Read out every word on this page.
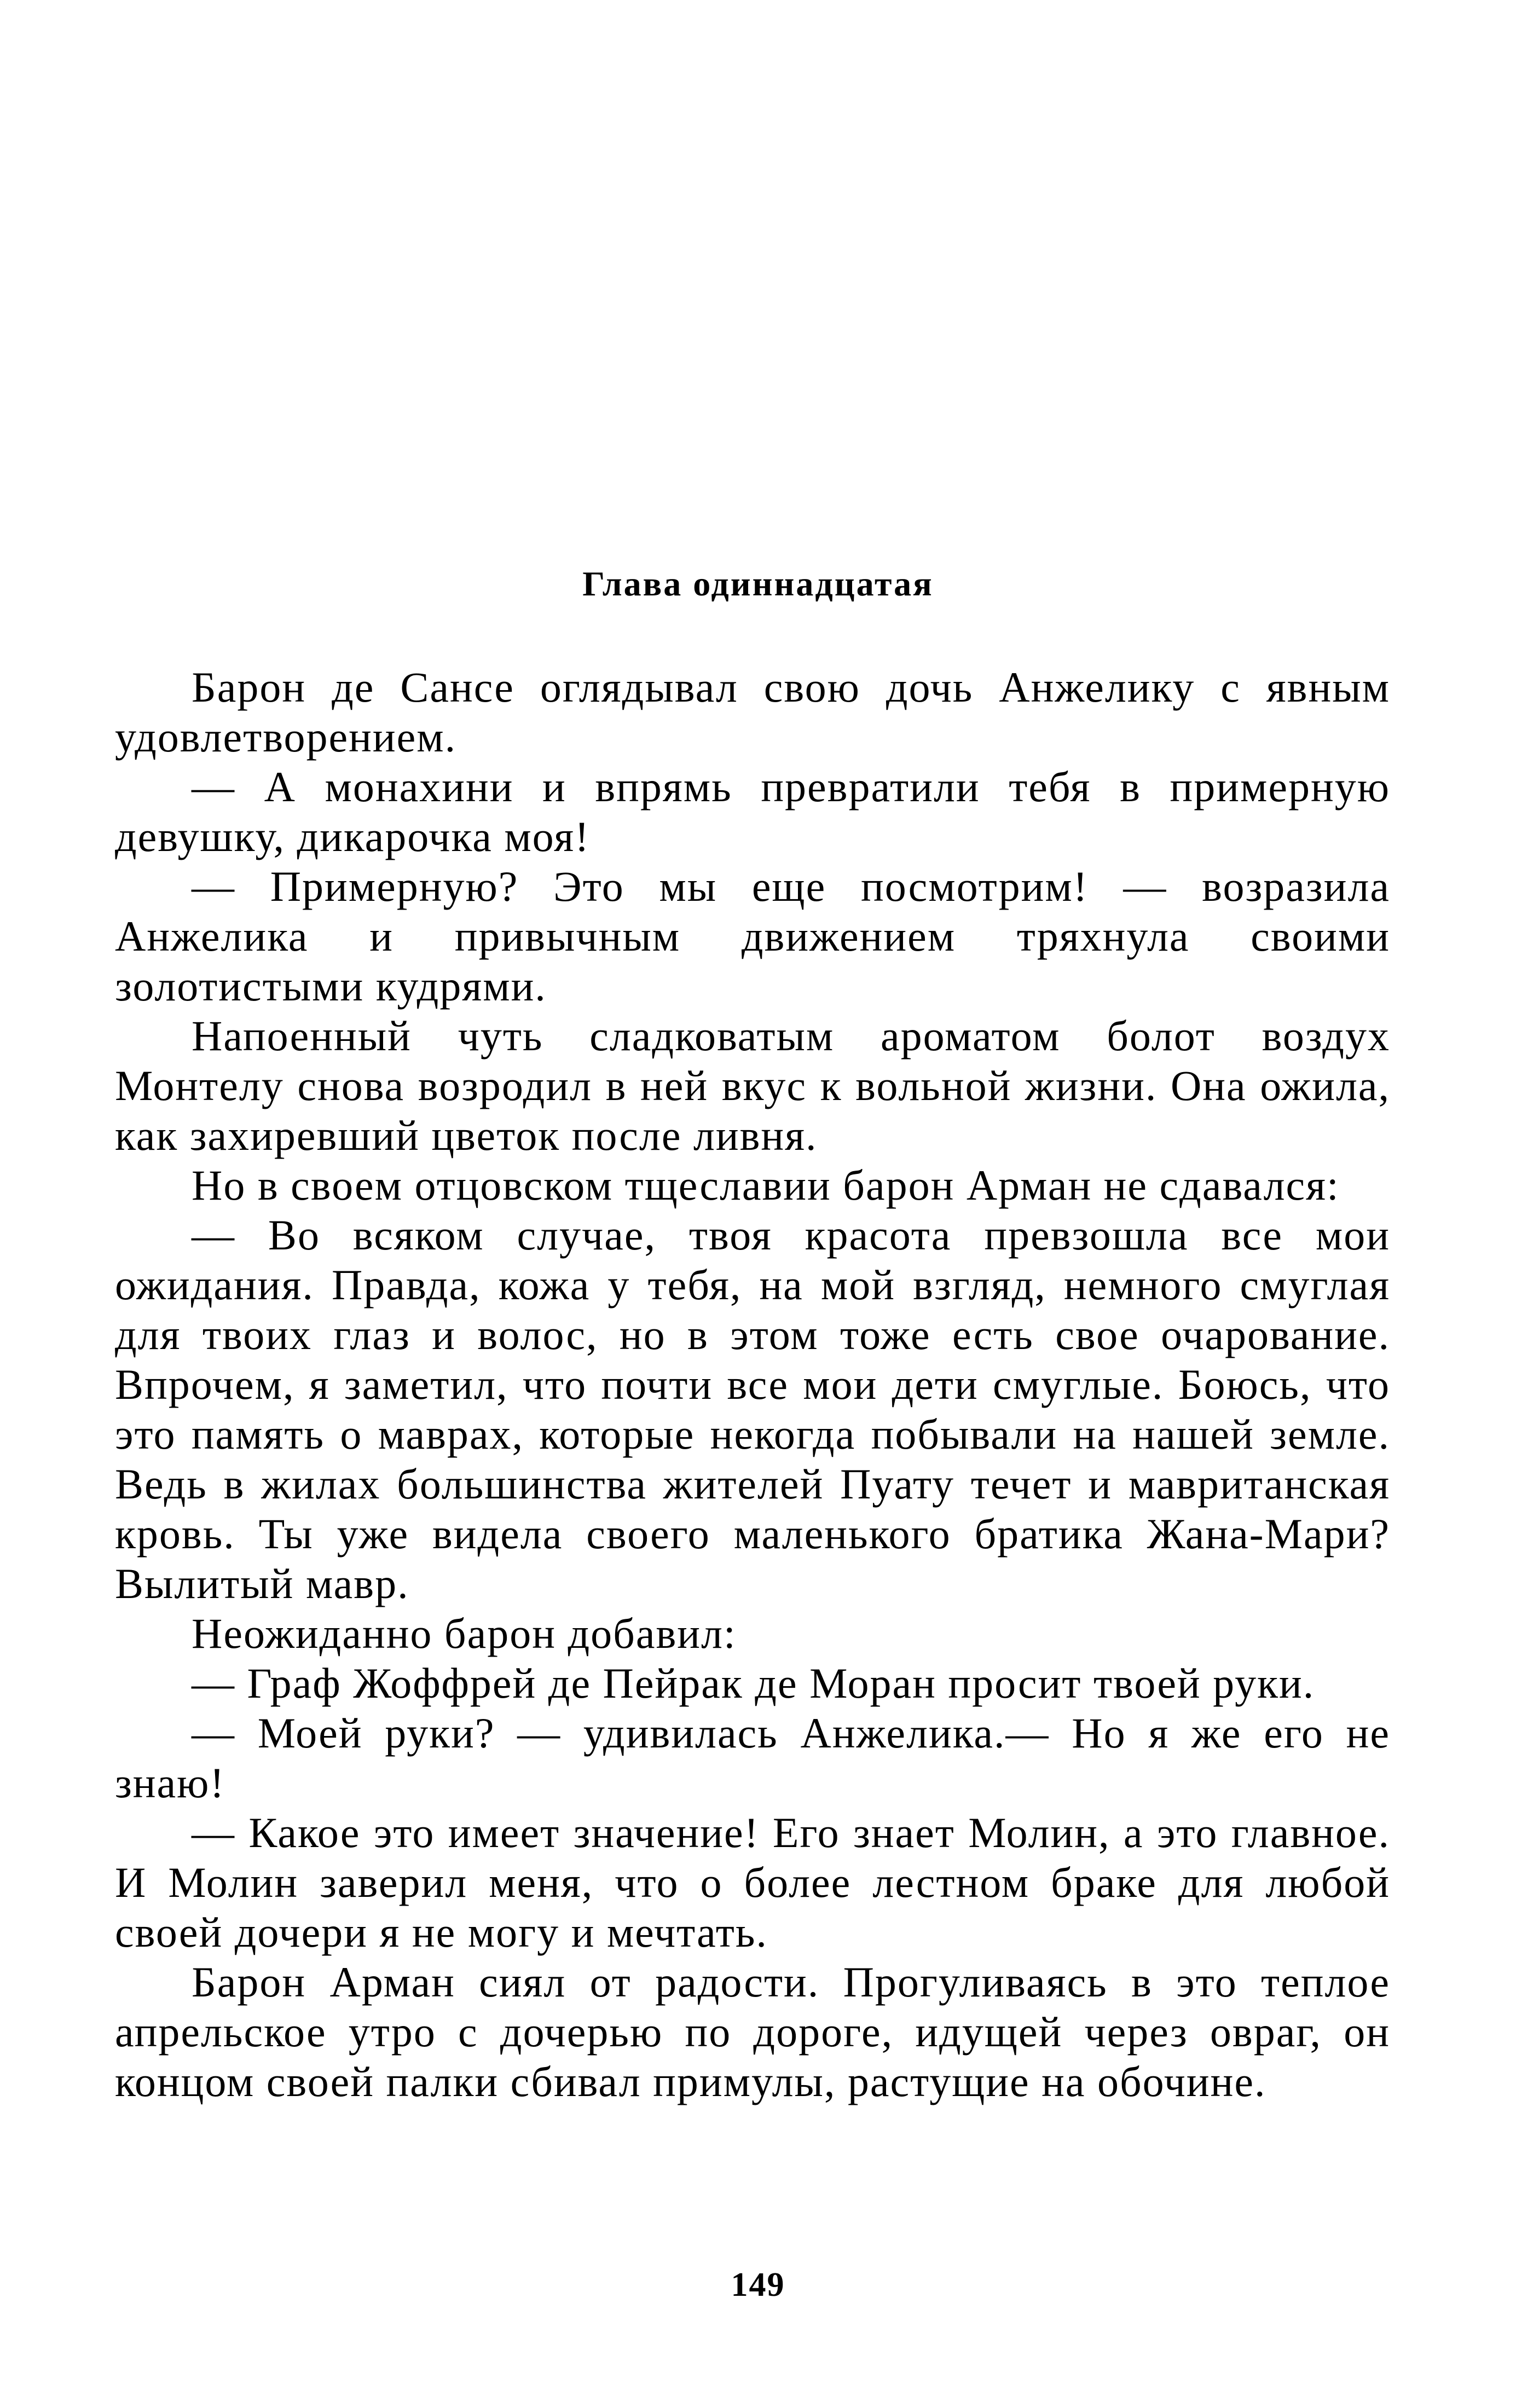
Глава одиннадцатая

Барон де Сансе оглядывал свою дочь Анжелику с явным удовлетворением.

— А монахини и впрямь превратили тебя в примерную девушку, дикарочка моя!

— Примерную? Это мы еще посмотрим! — возразила Анжелика и привычным движением тряхнула своими золотистыми кудрями.

Напоенный чуть сладковатым ароматом болот воздух Монтелу снова возродил в ней вкус к вольной жизни. Она ожила, как захиревший цветок после ливня.

Но в своем отцовском тщеславии барон Арман не сдавался:

— Во всяком случае, твоя красота превзошла все мои ожидания. Правда, кожа у тебя, на мой взгляд, немного смуглая для твоих глаз и волос, но в этом тоже есть свое очарование. Впрочем, я заметил, что почти все мои дети смуглые. Боюсь, что это память о маврах, которые некогда побывали на нашей земле. Ведь в жилах большинства жителей Пуату течет и мавританская кровь. Ты уже видела своего маленького братика Жана-Мари? Вылитый мавр.

Неожиданно барон добавил:

— Граф Жоффрей де Пейрак де Моран просит твоей руки.

— Моей руки? — удивилась Анжелика.— Но я же его не знаю!

— Какое это имеет значение! Его знает Молин, а это главное. И Молин заверил меня, что о более лестном браке для любой своей дочери я не могу и мечтать.

Барон Арман сиял от радости. Прогуливаясь в это теплое апрельское утро с дочерью по дороге, идущей через овраг, он концом своей палки сбивал примулы, растущие на обочине.

149
